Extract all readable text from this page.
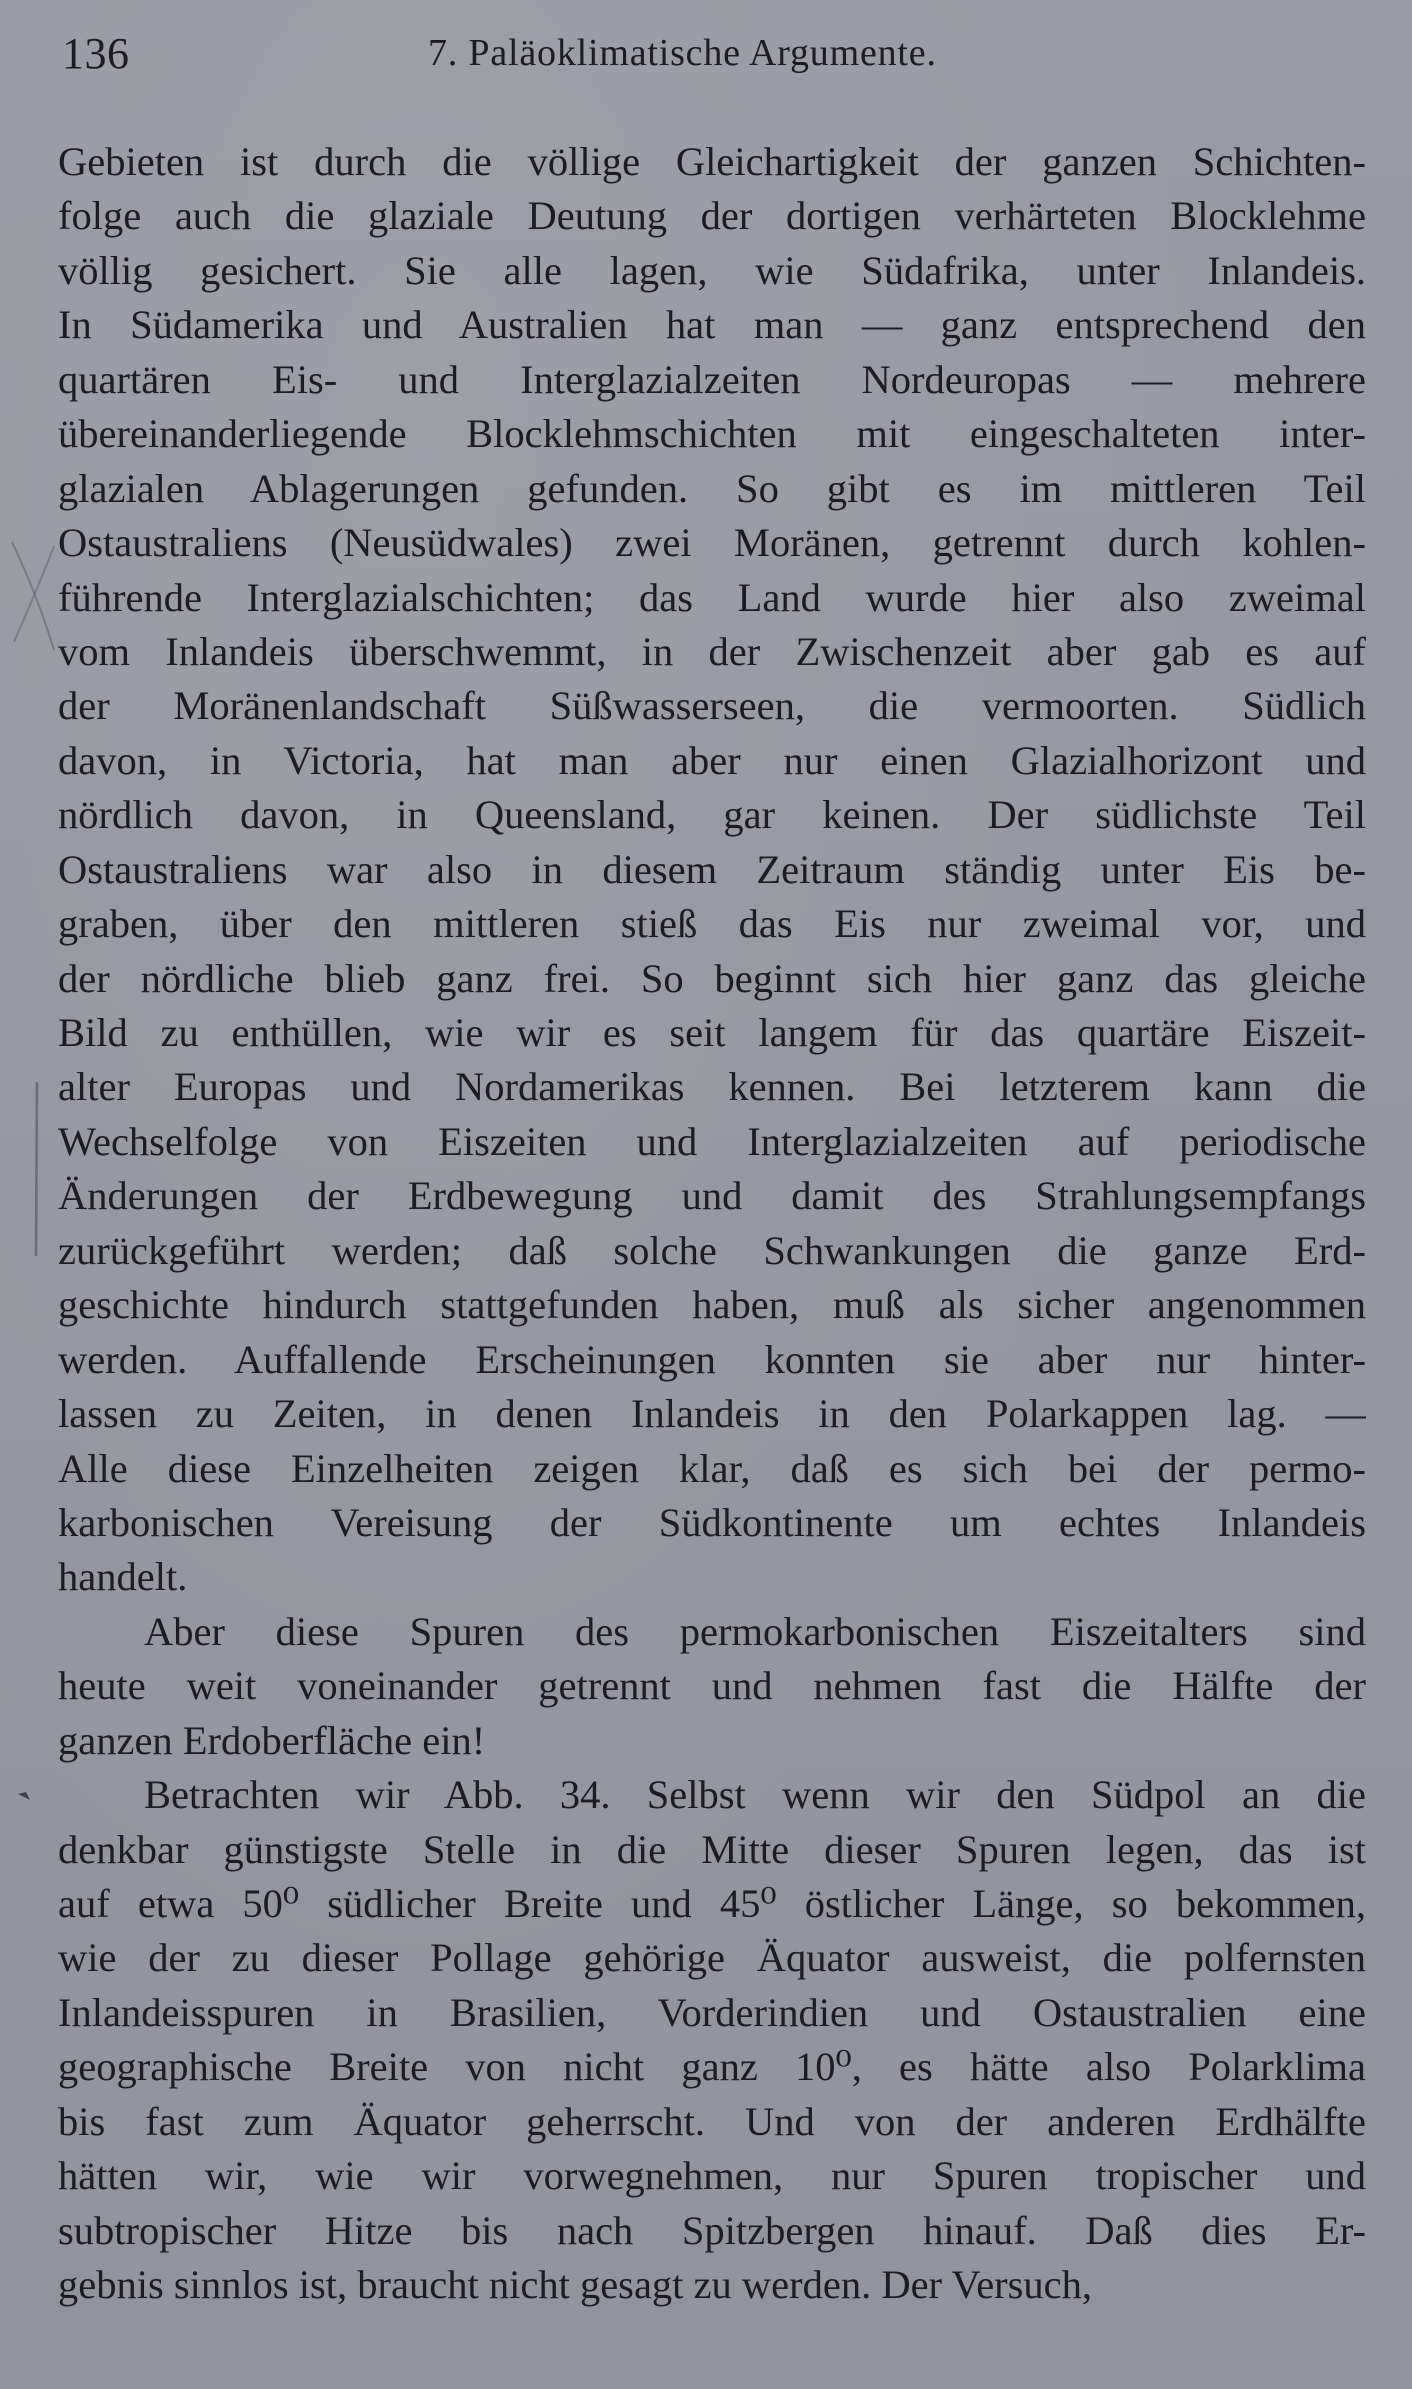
136	7. Paläoklimatische Argumente.
Gebieten ist durch die völlige Gleichartigkeit der ganzen Schichten-
folge auch die glaziale Deutung der dortigen verhärteten Blocklehme
völlig gesichert. Sie alle lagen, wie Südafrika, unter Inlandeis.
In Südamerika und Australien hat man — ganz entsprechend den
quartären Eis- und Interglazialzeiten Nordeuropas — mehrere
übereinanderliegende Blocklehmschichten mit eingeschalteten inter-
glazialen Ablagerungen gefunden. So gibt es im mittleren Teil
Ostaustraliens (Neusüdwales) zwei Moränen, getrennt durch kohlen-
führende Interglazialschichten; das Land wurde hier also zweimal
vom Inlandeis überschwemmt, in der Zwischenzeit aber gab es auf
der Moränenlandschaft Süßwasserseen, die vermoorten. Südlich
davon, in Victoria, hat man aber nur einen Glazialhorizont und
nördlich davon, in Queensland, gar keinen. Der südlichste Teil
Ostaustraliens war also in diesem Zeitraum ständig unter Eis be-
graben, über den mittleren stieß das Eis nur zweimal vor, und
der nördliche blieb ganz frei. So beginnt sich hier ganz das gleiche
Bild zu enthüllen, wie wir es seit langem für das quartäre Eiszeit-
alter Europas und Nordamerikas kennen. Bei letzterem kann die
Wechselfolge von Eiszeiten und Interglazialzeiten auf periodische
Änderungen der Erdbewegung und damit des Strahlungsempfangs
zurückgeführt werden; daß solche Schwankungen die ganze Erd-
geschichte hindurch stattgefunden haben, muß als sicher angenommen
werden. Auffallende Erscheinungen konnten sie aber nur hinter-
lassen zu Zeiten, in denen Inlandeis in den Polarkappen lag. —
Alle diese Einzelheiten zeigen klar, daß es sich bei der permo-
karbonischen Vereisung der Südkontinente um echtes Inlandeis
handelt.
Aber diese Spuren des permokarbonischen Eiszeitalters sind
heute weit voneinander getrennt und nehmen fast die Hälfte der
ganzen Erdoberfläche ein!
Betrachten wir Abb. 34. Selbst wenn wir den Südpol an die
denkbar günstigste Stelle in die Mitte dieser Spuren legen, das ist
auf etwa 50⁰ südlicher Breite und 45⁰ östlicher Länge, so bekommen,
wie der zu dieser Pollage gehörige Äquator ausweist, die polfernsten
Inlandeisspuren in Brasilien, Vorderindien und Ostaustralien eine
geographische Breite von nicht ganz 10⁰, es hätte also Polarklima
bis fast zum Äquator geherrscht. Und von der anderen Erdhälfte
hätten wir, wie wir vorwegnehmen, nur Spuren tropischer und
subtropischer Hitze bis nach Spitzbergen hinauf. Daß dies Er-
gebnis sinnlos ist, braucht nicht gesagt zu werden. Der Versuch,
